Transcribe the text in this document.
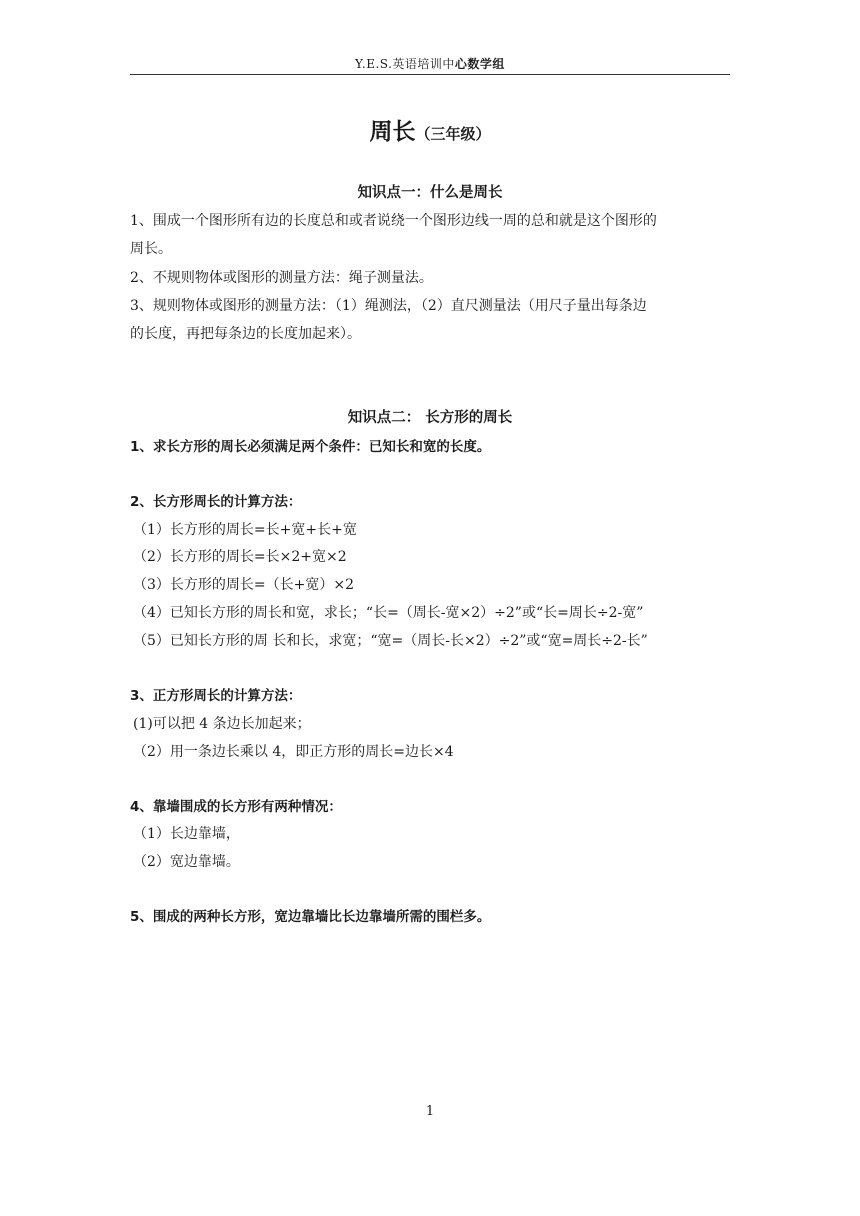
Y.E.S.英语培训中心数学组
周长（三年级）
知识点一：什么是周长
1、围成一个图形所有边的长度总和或者说绕一个图形边线一周的总和就是这个图形的
周长。
2、不规则物体或图形的测量方法：绳子测量法。
3、规则物体或图形的测量方法：（1）绳测法，（2）直尺测量法（用尺子量出每条边
的长度，再把每条边的长度加起来）。
知识点二： 长方形的周长
1、求长方形的周长必须满足两个条件：已知长和宽的长度。
2、长方形周长的计算方法：
（1）长方形的周长=长+宽+长+宽
（2）长方形的周长=长×2+宽×2
（3）长方形的周长=（长+宽）×2
（4）已知长方形的周长和宽，求长；“长=（周长-宽×2）÷2”或“长=周长÷2-宽”
（5）已知长方形的周 长和长，求宽；“宽=（周长-长×2）÷2”或“宽=周长÷2-长”
3、正方形周长的计算方法：
(1)可以把 4 条边长加起来；
（2）用一条边长乘以 4，即正方形的周长=边长×4
4、靠墙围成的长方形有两种情况：
（1）长边靠墙，
（2）宽边靠墙。
5、围成的两种长方形，宽边靠墙比长边靠墙所需的围栏多。
1
